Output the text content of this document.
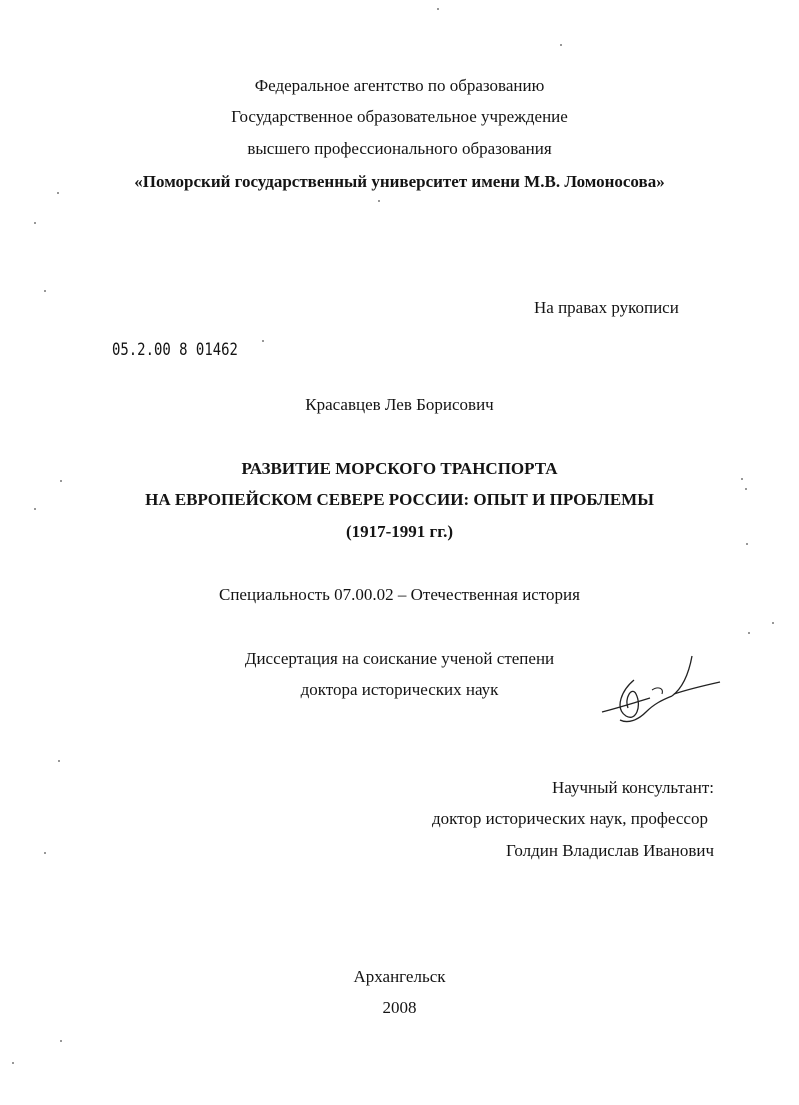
Федеральное агентство по образованию
Государственное образовательное учреждение
высшего профессионального образования
«Поморский государственный университет имени М.В. Ломоносова»
На правах рукописи
05.2.00 8 01462
Красавцев Лев Борисович
РАЗВИТИЕ МОРСКОГО ТРАНСПОРТА
НА ЕВРОПЕЙСКОМ СЕВЕРЕ РОССИИ: ОПЫТ И ПРОБЛЕМЫ
(1917-1991 гг.)
Специальность 07.00.02 – Отечественная история
Диссертация на соискание ученой степени
доктора исторических наук
Научный консультант:
доктор исторических наук, профессор
Голдин Владислав Иванович
Архангельск
2008
